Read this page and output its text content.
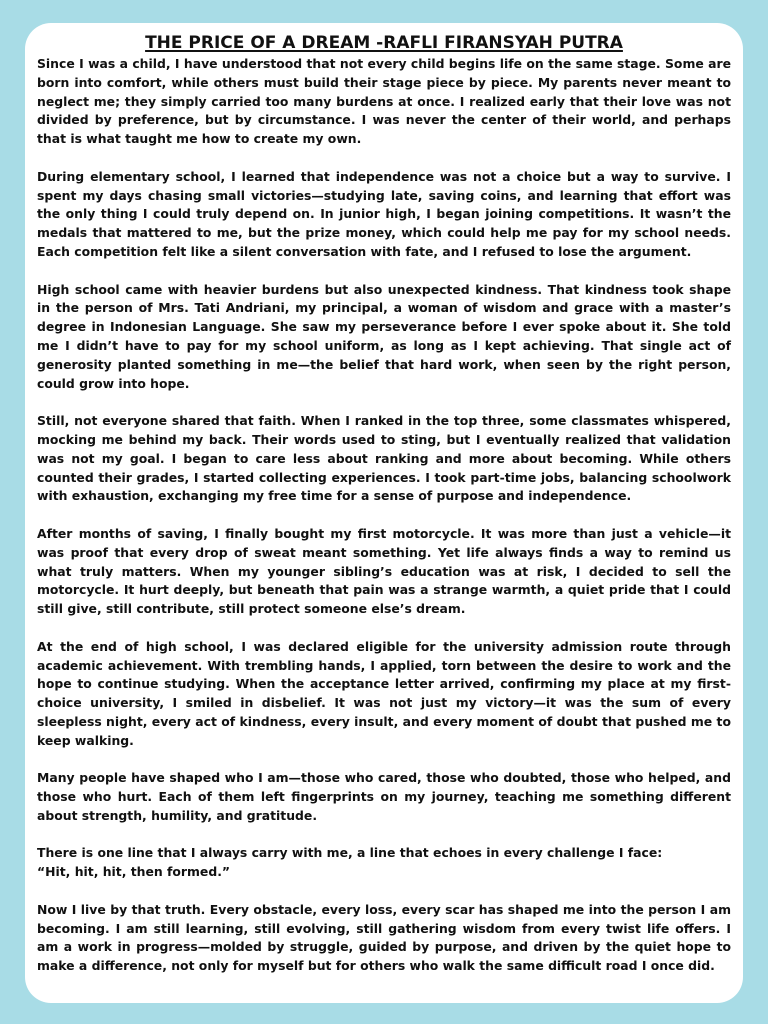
THE PRICE OF A DREAM -RAFLI FIRANSYAH PUTRA

Since I was a child, I have understood that not every child begins life on the same stage. Some are born into comfort, while others must build their stage piece by piece. My parents never meant to neglect me; they simply carried too many burdens at once. I realized early that their love was not divided by preference, but by circumstance. I was never the center of their world, and perhaps that is what taught me how to create my own.

During elementary school, I learned that independence was not a choice but a way to survive. I spent my days chasing small victories—studying late, saving coins, and learning that effort was the only thing I could truly depend on. In junior high, I began joining competitions. It wasn’t the medals that mattered to me, but the prize money, which could help me pay for my school needs. Each competition felt like a silent conversation with fate, and I refused to lose the argument.

High school came with heavier burdens but also unexpected kindness. That kindness took shape in the person of Mrs. Tati Andriani, my principal, a woman of wisdom and grace with a master’s degree in Indonesian Language. She saw my perseverance before I ever spoke about it. She told me I didn’t have to pay for my school uniform, as long as I kept achieving. That single act of generosity planted something in me—the belief that hard work, when seen by the right person, could grow into hope.

Still, not everyone shared that faith. When I ranked in the top three, some classmates whispered, mocking me behind my back. Their words used to sting, but I eventually realized that validation was not my goal. I began to care less about ranking and more about becoming. While others counted their grades, I started collecting experiences. I took part-time jobs, balancing schoolwork with exhaustion, exchanging my free time for a sense of purpose and independence.

After months of saving, I finally bought my first motorcycle. It was more than just a vehicle—it was proof that every drop of sweat meant something. Yet life always finds a way to remind us what truly matters. When my younger sibling’s education was at risk, I decided to sell the motorcycle. It hurt deeply, but beneath that pain was a strange warmth, a quiet pride that I could still give, still contribute, still protect someone else’s dream.

At the end of high school, I was declared eligible for the university admission route through academic achievement. With trembling hands, I applied, torn between the desire to work and the hope to continue studying. When the acceptance letter arrived, confirming my place at my first-choice university, I smiled in disbelief. It was not just my victory—it was the sum of every sleepless night, every act of kindness, every insult, and every moment of doubt that pushed me to keep walking.

Many people have shaped who I am—those who cared, those who doubted, those who helped, and those who hurt. Each of them left fingerprints on my journey, teaching me something different about strength, humility, and gratitude.

There is one line that I always carry with me, a line that echoes in every challenge I face:
“Hit, hit, hit, then formed.”

Now I live by that truth. Every obstacle, every loss, every scar has shaped me into the person I am becoming. I am still learning, still evolving, still gathering wisdom from every twist life offers. I am a work in progress—molded by struggle, guided by purpose, and driven by the quiet hope to make a difference, not only for myself but for others who walk the same difficult road I once did.
